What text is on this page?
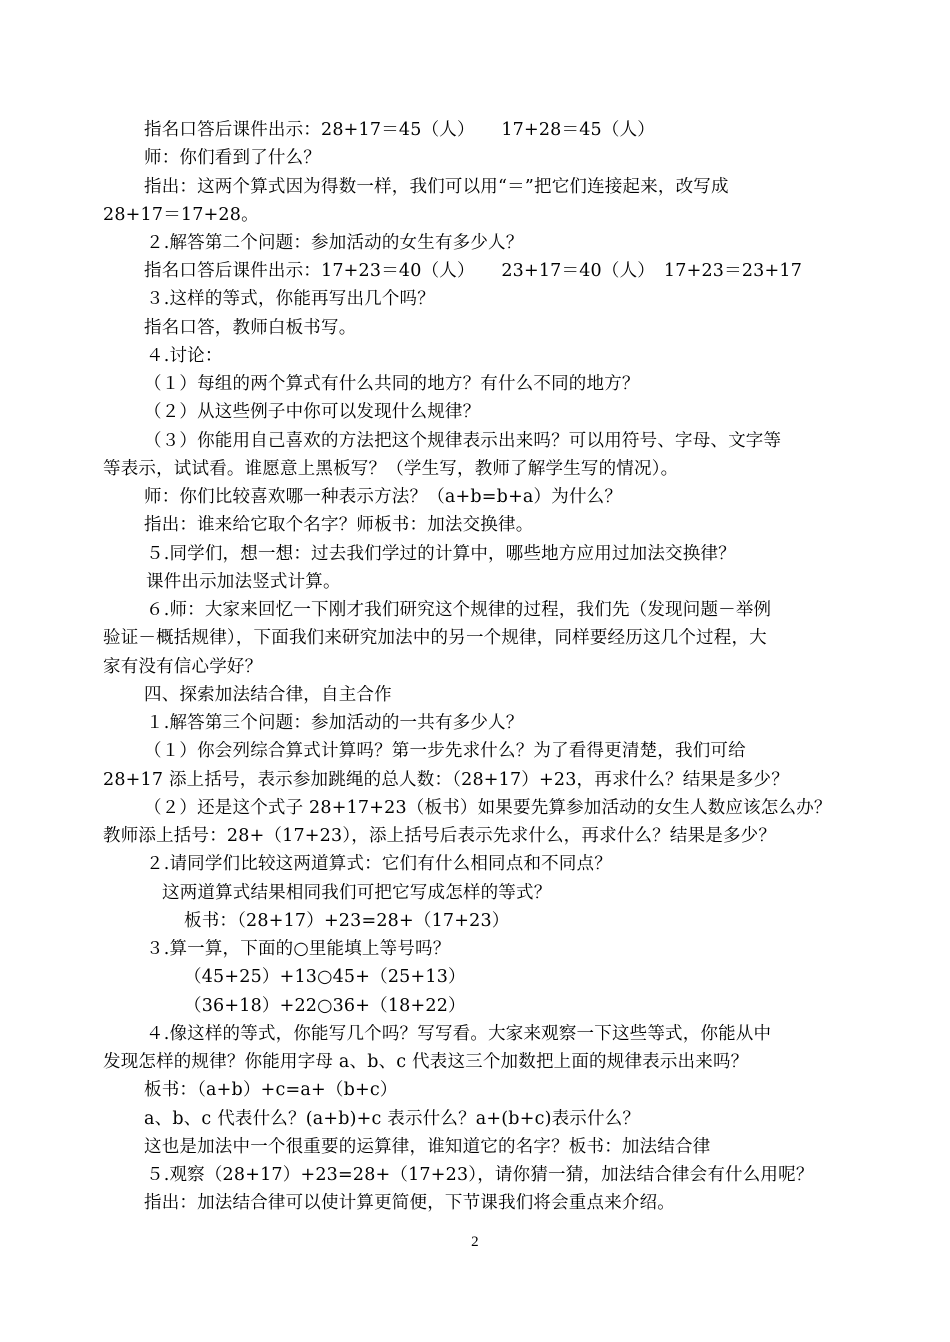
指名口答后课件出示：28+17＝45（人）　　17+28＝45（人）
师：你们看到了什么？
指出：这两个算式因为得数一样，我们可以用“＝”把它们连接起来，改写成
28+17＝17+28。
２.解答第二个问题：参加活动的女生有多少人？
指名口答后课件出示：17+23＝40（人）　　23+17＝40（人）　17+23＝23+17
３.这样的等式，你能再写出几个吗？
指名口答，教师白板书写。
４.讨论：
（１）每组的两个算式有什么共同的地方？有什么不同的地方？
（２）从这些例子中你可以发现什么规律？
（３）你能用自己喜欢的方法把这个规律表示出来吗？可以用符号、字母、文字等
等表示，试试看。谁愿意上黑板写？（学生写，教师了解学生写的情况）。
师：你们比较喜欢哪一种表示方法？（a+b=b+a）为什么？
指出：谁来给它取个名字？师板书：加法交换律。
５.同学们，想一想：过去我们学过的计算中，哪些地方应用过加法交换律？
课件出示加法竖式计算。
６.师：大家来回忆一下刚才我们研究这个规律的过程，我们先（发现问题－举例
验证－概括规律），下面我们来研究加法中的另一个规律，同样要经历这几个过程，大
家有没有信心学好？
四、探索加法结合律，自主合作
１.解答第三个问题：参加活动的一共有多少人？
（１）你会列综合算式计算吗？第一步先求什么？为了看得更清楚，我们可给
28+17 添上括号，表示参加跳绳的总人数：（28+17）+23，再求什么？结果是多少？
（２）还是这个式子 28+17+23（板书）如果要先算参加活动的女生人数应该怎么办？
教师添上括号：28+（17+23），添上括号后表示先求什么，再求什么？结果是多少？
２.请同学们比较这两道算式：它们有什么相同点和不同点？
这两道算式结果相同我们可把它写成怎样的等式？
板书：（28+17）+23=28+（17+23）
３.算一算，下面的○里能填上等号吗？
（45+25）+13○45+（25+13）
（36+18）+22○36+（18+22）
４.像这样的等式，你能写几个吗？写写看。大家来观察一下这些等式，你能从中
发现怎样的规律？你能用字母 a、b、c 代表这三个加数把上面的规律表示出来吗？
板书：（a+b）+c=a+（b+c）
a、b、c 代表什么？(a+b)+c 表示什么？a+(b+c)表示什么？
这也是加法中一个很重要的运算律，谁知道它的名字？板书：加法结合律
５.观察（28+17）+23=28+（17+23），请你猜一猜，加法结合律会有什么用呢？
指出：加法结合律可以使计算更简便，下节课我们将会重点来介绍。
2
